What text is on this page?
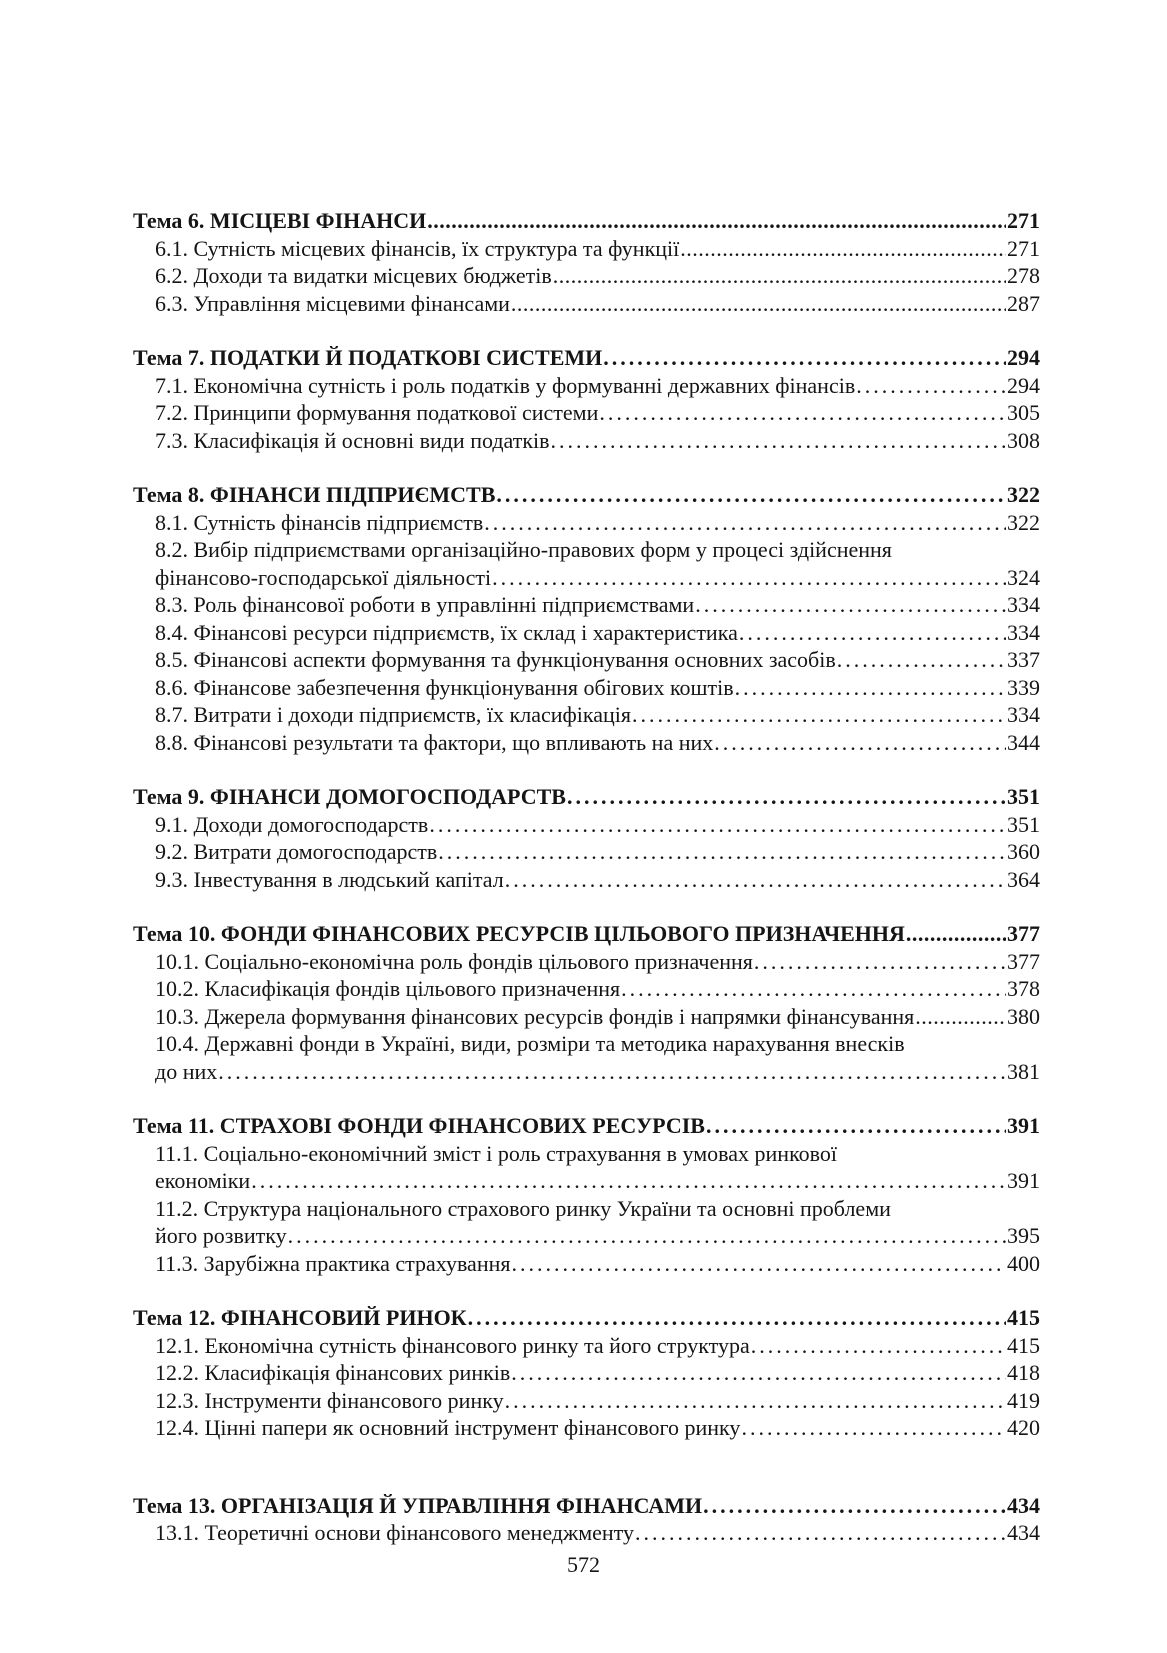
Тема 6. МІСЦЕВІ ФІНАНСИ .....	271
6.1. Сутність місцевих фінансів, їх структура та функції .....	271
6.2. Доходи та видатки місцевих бюджетів .....	278
6.3. Управління місцевими фінансами .....	287
Тема 7. ПОДАТКИ Й ПОДАТКОВІ СИСТЕМИ .....	294
7.1. Економічна сутність і роль податків у формуванні державних фінансів .....	294
7.2. Принципи формування податкової системи .....	305
7.3. Класифікація й основні види податків .....	308
Тема 8. ФІНАНСИ ПІДПРИЄМСТВ .....	322
8.1. Сутність фінансів підприємств .....	322
8.2. Вибір підприємствами організаційно-правових форм у процесі здійснення
фінансово-господарської діяльності .....	324
8.3. Роль фінансової роботи в управлінні підприємствами .....	334
8.4. Фінансові ресурси підприємств, їх склад і характеристика .....	334
8.5. Фінансові аспекти формування та функціонування основних засобів .....	337
8.6. Фінансове забезпечення функціонування обігових коштів .....	339
8.7. Витрати і доходи підприємств, їх класифікація .....	334
8.8. Фінансові результати та фактори, що впливають на них .....	344
Тема 9. ФІНАНСИ ДОМОГОСПОДАРСТВ .....	351
9.1. Доходи домогосподарств .....	351
9.2. Витрати домогосподарств .....	360
9.3. Інвестування в людський капітал .....	364
Тема 10. ФОНДИ ФІНАНСОВИХ РЕСУРСІВ ЦІЛЬОВОГО ПРИЗНАЧЕННЯ .....	377
10.1. Соціально-економічна роль фондів цільового призначення .....	377
10.2. Класифікація фондів цільового призначення .....	378
10.3. Джерела формування фінансових ресурсів фондів і напрямки фінансування .....	380
10.4. Державні фонди в Україні, види, розміри та методика нарахування внесків
до них .....	381
Тема 11. СТРАХОВІ ФОНДИ ФІНАНСОВИХ РЕСУРСІВ .....	391
11.1. Соціально-економічний зміст і роль страхування в умовах ринкової
економіки .....	391
11.2. Структура національного страхового ринку України та основні проблеми
його розвитку .....	395
11.3. Зарубіжна практика страхування .....	400
Тема 12. ФІНАНСОВИЙ РИНОК .....	415
12.1. Економічна сутність фінансового ринку та його структура .....	415
12.2. Класифікація фінансових ринків .....	418
12.3. Інструменти фінансового ринку .....	419
12.4. Цінні папери як основний інструмент фінансового ринку .....	420
Тема 13. ОРГАНІЗАЦІЯ Й УПРАВЛІННЯ ФІНАНСАМИ .....	434
13.1. Теоретичні основи фінансового менеджменту .....	434
572
